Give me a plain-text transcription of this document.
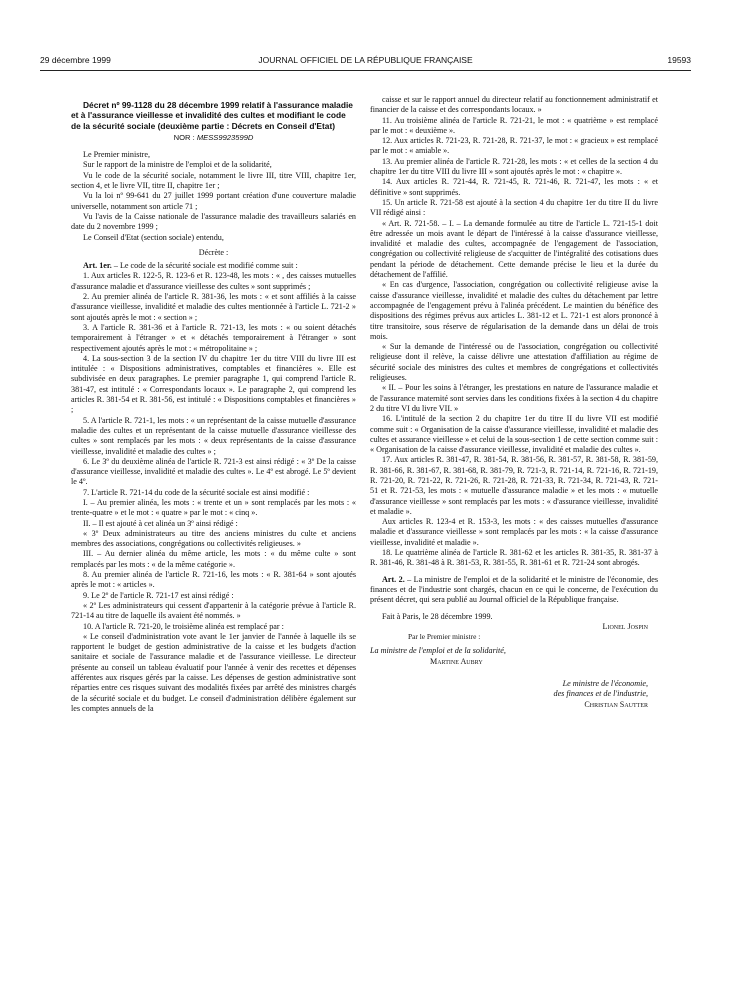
29 décembre 1999	JOURNAL OFFICIEL DE LA RÉPUBLIQUE FRANÇAISE	19593

Décret nº 99-1128 du 28 décembre 1999 relatif à l'assurance maladie et à l'assurance vieillesse et invalidité des cultes et modifiant le code de la sécurité sociale (deuxième partie : Décrets en Conseil d'Etat)

NOR : MESS9923599D

Le Premier ministre,

Sur le rapport de la ministre de l'emploi et de la solidarité,

Vu le code de la sécurité sociale, notamment le livre III, titre VIII, chapitre 1er, section 4, et le livre VII, titre II, chapitre 1er ;

Vu la loi nº 99-641 du 27 juillet 1999 portant création d'une couverture maladie universelle, notamment son article 71 ;

Vu l'avis de la Caisse nationale de l'assurance maladie des travailleurs salariés en date du 2 novembre 1999 ;

Le Conseil d'Etat (section sociale) entendu,

Décrète :

Art. 1er. – Le code de la sécurité sociale est modifié comme suit :

1. Aux articles R. 122-5, R. 123-6 et R. 123-48, les mots : « , des caisses mutuelles d'assurance maladie et d'assurance vieillesse des cultes » sont supprimés ;

2. Au premier alinéa de l'article R. 381-36, les mots : « et sont affiliés à la caisse d'assurance vieillesse, invalidité et maladie des cultes mentionnée à l'article L. 721-2 » sont ajoutés après le mot : « section » ;

3. A l'article R. 381-36 et à l'article R. 721-13, les mots : « ou soient détachés temporairement à l'étranger » et « détachés temporairement à l'étranger » sont respectivement ajoutés après le mot : « métropolitaine » ;

4. La sous-section 3 de la section IV du chapitre 1er du titre VIII du livre III est intitulée : « Dispositions administratives, comptables et financières ». Elle est subdivisée en deux paragraphes. Le premier paragraphe 1, qui comprend l'article R. 381-47, est intitulé : « Correspondants locaux ». Le paragraphe 2, qui comprend les articles R. 381-54 et R. 381-56, est intitulé : « Dispositions comptables et financières » ;

5. A l'article R. 721-1, les mots : « un représentant de la caisse mutuelle d'assurance maladie des cultes et un représentant de la caisse mutuelle d'assurance vieillesse des cultes » sont remplacés par les mots : « deux représentants de la caisse d'assurance vieillesse, invalidité et maladie des cultes » ;

6. Le 3º du deuxième alinéa de l'article R. 721-3 est ainsi rédigé : « 3º De la caisse d'assurance vieillesse, invalidité et maladie des cultes ». Le 4º est abrogé. Le 5º devient le 4º.

7. L'article R. 721-14 du code de la sécurité sociale est ainsi modifié :

I. – Au premier alinéa, les mots : « trente et un » sont remplacés par les mots : « trente-quatre » et le mot : « quatre » par le mot : « cinq ».

II. – Il est ajouté à cet alinéa un 3º ainsi rédigé :

« 3º Deux administrateurs au titre des anciens ministres du culte et anciens membres des associations, congrégations ou collectivités religieuses. »

III. – Au dernier alinéa du même article, les mots : « du même culte » sont remplacés par les mots : « de la même catégorie ».

8. Au premier alinéa de l'article R. 721-16, les mots : « R. 381-64 » sont ajoutés après le mot : « articles ».

9. Le 2º de l'article R. 721-17 est ainsi rédigé :

« 2º Les administrateurs qui cessent d'appartenir à la catégorie prévue à l'article R. 721-14 au titre de laquelle ils avaient été nommés. »

10. A l'article R. 721-20, le troisième alinéa est remplacé par :

« Le conseil d'administration vote avant le 1er janvier de l'année à laquelle ils se rapportent le budget de gestion administrative de la caisse et les budgets d'action sanitaire et sociale de l'assurance maladie et de l'assurance vieillesse. Le directeur présente au conseil un tableau évaluatif pour l'année à venir des recettes et dépenses afférentes aux risques gérés par la caisse. Les dépenses de gestion administrative sont réparties entre ces risques suivant des modalités fixées par arrêté des ministres chargés de la sécurité sociale et du budget. Le conseil d'administration délibère également sur les comptes annuels de la

caisse et sur le rapport annuel du directeur relatif au fonctionnement administratif et financier de la caisse et des correspondants locaux. »

11. Au troisième alinéa de l'article R. 721-21, le mot : « quatrième » est remplacé par le mot : « deuxième ».

12. Aux articles R. 721-23, R. 721-28, R. 721-37, le mot : « gracieux » est remplacé par le mot : « amiable ».

13. Au premier alinéa de l'article R. 721-28, les mots : « et celles de la section 4 du chapitre 1er du titre VIII du livre III » sont ajoutés après le mot : « chapitre ».

14. Aux articles R. 721-44, R. 721-45, R. 721-46, R. 721-47, les mots : « et définitive » sont supprimés.

15. Un article R. 721-58 est ajouté à la section 4 du chapitre 1er du titre II du livre VII rédigé ainsi :

« Art. R. 721-58. – I. – La demande formulée au titre de l'article L. 721-15-1 doit être adressée un mois avant le départ de l'intéressé à la caisse d'assurance vieillesse, invalidité et maladie des cultes, accompagnée de l'engagement de l'association, congrégation ou collectivité religieuse de s'acquitter de l'intégralité des cotisations dues pendant la période de détachement. Cette demande précise le lieu et la durée du détachement de l'affilié.

« En cas d'urgence, l'association, congrégation ou collectivité religieuse avise la caisse d'assurance vieillesse, invalidité et maladie des cultes du détachement par lettre accompagnée de l'engagement prévu à l'alinéa précédent. Le maintien du bénéfice des dispositions des régimes prévus aux articles L. 381-12 et L. 721-1 est alors prononcé à titre transitoire, sous réserve de régularisation de la demande dans un délai de trois mois.

« Sur la demande de l'intéressé ou de l'association, congrégation ou collectivité religieuse dont il relève, la caisse délivre une attestation d'affiliation au régime de sécurité sociale des ministres des cultes et membres de congrégations et collectivités religieuses.

« II. – Pour les soins à l'étranger, les prestations en nature de l'assurance maladie et de l'assurance maternité sont servies dans les conditions fixées à la section 4 du chapitre 2 du titre VI du livre VII. »

16. L'intitulé de la section 2 du chapitre 1er du titre II du livre VII est modifié comme suit : « Organisation de la caisse d'assurance vieillesse, invalidité et maladie des cultes et assurance vieillesse » et celui de la sous-section 1 de cette section comme suit : « Organisation de la caisse d'assurance vieillesse, invalidité et maladie des cultes ».

17. Aux articles R. 381-47, R. 381-54, R. 381-56, R. 381-57, R. 381-58, R. 381-59, R. 381-66, R. 381-67, R. 381-68, R. 381-79, R. 721-3, R. 721-14, R. 721-16, R. 721-19, R. 721-20, R. 721-22, R. 721-26, R. 721-28, R. 721-33, R. 721-34, R. 721-43, R. 721-51 et R. 721-53, les mots : « mutuelle d'assurance maladie » et les mots : « mutuelle d'assurance vieillesse » sont remplacés par les mots : « d'assurance vieillesse, invalidité et maladie ».

Aux articles R. 123-4 et R. 153-3, les mots : « des caisses mutuelles d'assurance maladie et d'assurance vieillesse » sont remplacés par les mots : « la caisse d'assurance vieillesse, invalidité et maladie ».

18. Le quatrième alinéa de l'article R. 381-62 et les articles R. 381-35, R. 381-37 à R. 381-46, R. 381-48 à R. 381-53, R. 381-55, R. 381-61 et R. 721-24 sont abrogés.

Art. 2. – La ministre de l'emploi et de la solidarité et le ministre de l'économie, des finances et de l'industrie sont chargés, chacun en ce qui le concerne, de l'exécution du présent décret, qui sera publié au Journal officiel de la République française.

Fait à Paris, le 28 décembre 1999.

Lionel Jospin

Par le Premier ministre :

La ministre de l'emploi et de la solidarité,

Martine Aubry

Le ministre de l'économie,
des finances et de l'industrie,
Christian Sautter
